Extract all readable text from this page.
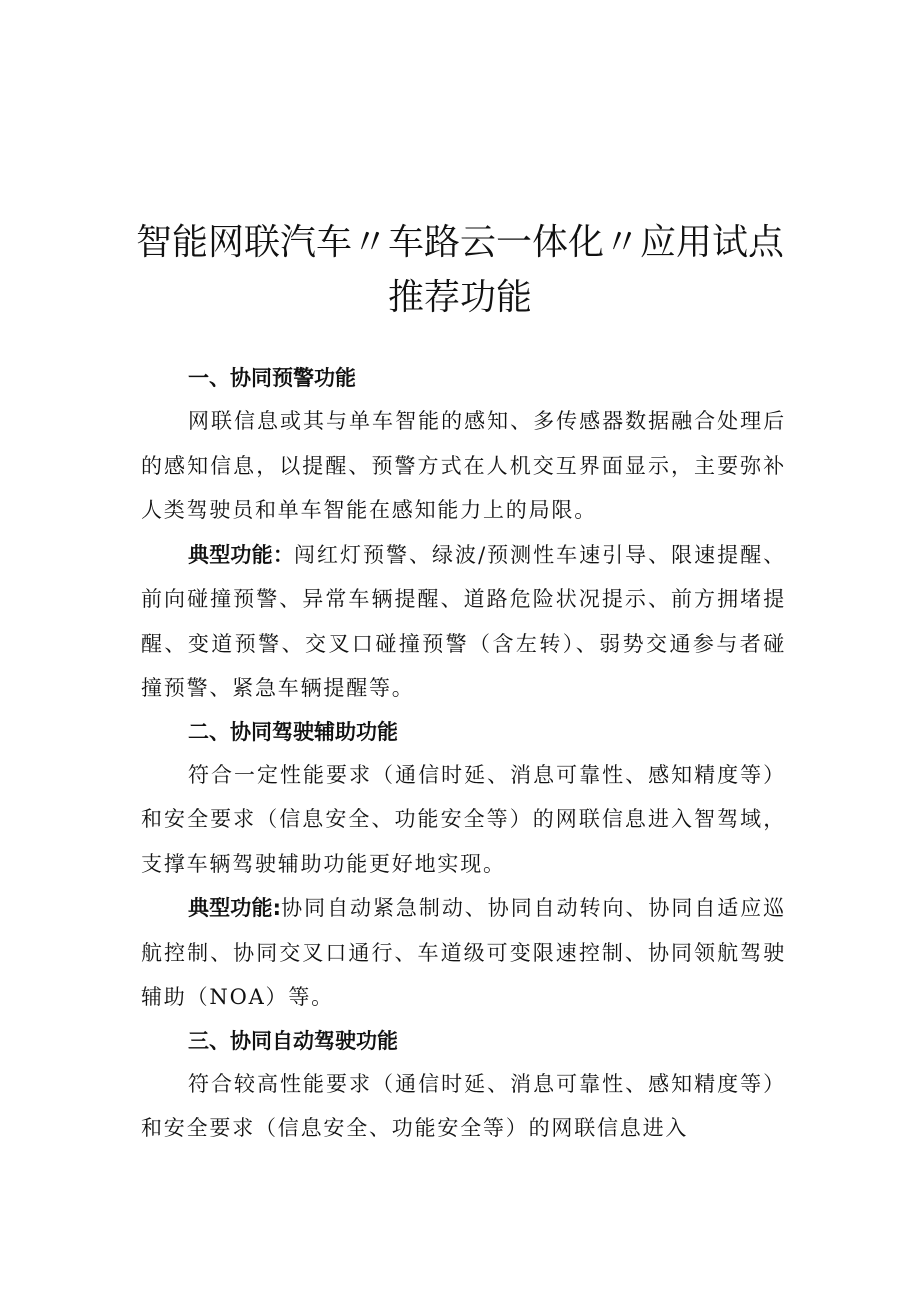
智能网联汽车〃车路云一体化〃应用试点
推荐功能
一、协同预警功能

网联信息或其与单车智能的感知、多传感器数据融合处理后的感知信息，以提醒、预警方式在人机交互界面显示，主要弥补人类驾驶员和单车智能在感知能力上的局限。

典型功能：闯红灯预警、绿波/预测性车速引导、限速提醒、前向碰撞预警、异常车辆提醒、道路危险状况提示、前方拥堵提醒、变道预警、交叉口碰撞预警（含左转）、弱势交通参与者碰撞预警、紧急车辆提醒等。

二、协同驾驶辅助功能

符合一定性能要求（通信时延、消息可靠性、感知精度等）和安全要求（信息安全、功能安全等）的网联信息进入智驾域，支撑车辆驾驶辅助功能更好地实现。

典型功能:协同自动紧急制动、协同自动转向、协同自适应巡航控制、协同交叉口通行、车道级可变限速控制、协同领航驾驶辅助（NOA）等。

三、协同自动驾驶功能

符合较高性能要求（通信时延、消息可靠性、感知精度等）和安全要求（信息安全、功能安全等）的网联信息进入
